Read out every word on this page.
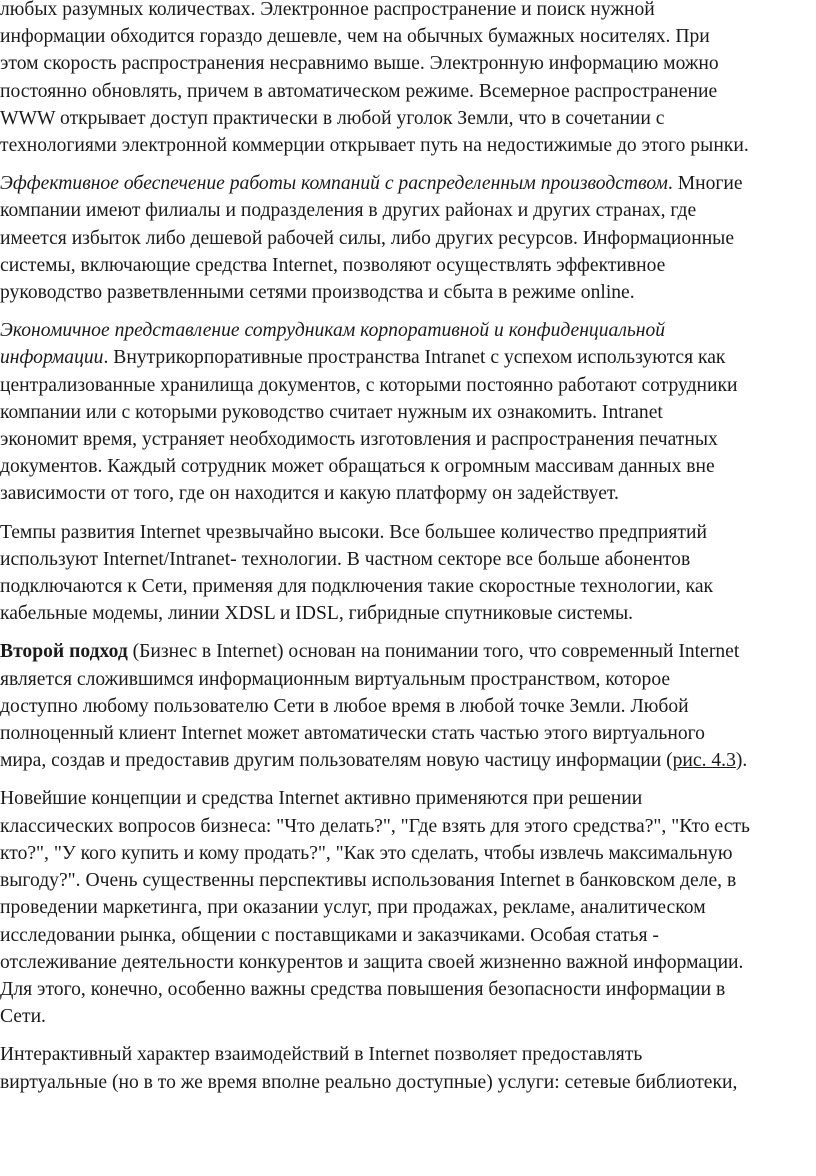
любых разумных количествах. Электронное распространение и поиск нужной
информации обходится гораздо дешевле, чем на обычных бумажных носителях. При
этом скорость распространения несравнимо выше. Электронную информацию можно
постоянно обновлять, причем в автоматическом режиме. Всемерное распространение
WWW открывает доступ практически в любой уголок Земли, что в сочетании с
технологиями электронной коммерции открывает путь на недостижимые до этого рынки.

Эффективное обеспечение работы компаний с распределенным производством. Многие
компании имеют филиалы и подразделения в других районах и других странах, где
имеется избыток либо дешевой рабочей силы, либо других ресурсов. Информационные
системы, включающие средства Internet, позволяют осуществлять эффективное
руководство разветвленными сетями производства и сбыта в режиме online.

Экономичное представление сотрудникам корпоративной и конфиденциальной
информации. Внутрикорпоративные пространства Intranet с успехом используются как
централизованные хранилища документов, с которыми постоянно работают сотрудники
компании или с которыми руководство считает нужным их ознакомить. Intranet
экономит время, устраняет необходимость изготовления и распространения печатных
документов. Каждый сотрудник может обращаться к огромным массивам данных вне
зависимости от того, где он находится и какую платформу он задействует.

Темпы развития Internet чрезвычайно высоки. Все большее количество предприятий
используют Internet/Intranet- технологии. В частном секторе все больше абонентов
подключаются к Сети, применяя для подключения такие скоростные технологии, как
кабельные модемы, линии XDSL и IDSL, гибридные спутниковые системы.

Второй подход (Бизнес в Internet) основан на понимании того, что современный Internet
является сложившимся информационным виртуальным пространством, которое
доступно любому пользователю Сети в любое время в любой точке Земли. Любой
полноценный клиент Internet может автоматически стать частью этого виртуального
мира, создав и предоставив другим пользователям новую частицу информации (рис. 4.3).

Новейшие концепции и средства Internet активно применяются при решении
классических вопросов бизнеса: "Что делать?", "Где взять для этого средства?", "Кто есть
кто?", "У кого купить и кому продать?", "Как это сделать, чтобы извлечь максимальную
выгоду?". Очень существенны перспективы использования Internet в банковском деле, в
проведении маркетинга, при оказании услуг, при продажах, рекламе, аналитическом
исследовании рынка, общении с поставщиками и заказчиками. Особая статья -
отслеживание деятельности конкурентов и защита своей жизненно важной информации.
Для этого, конечно, особенно важны средства повышения безопасности информации в
Сети.

Интерактивный характер взаимодействий в Internet позволяет предоставлять
виртуальные (но в то же время вполне реально доступные) услуги: сетевые библиотеки,
